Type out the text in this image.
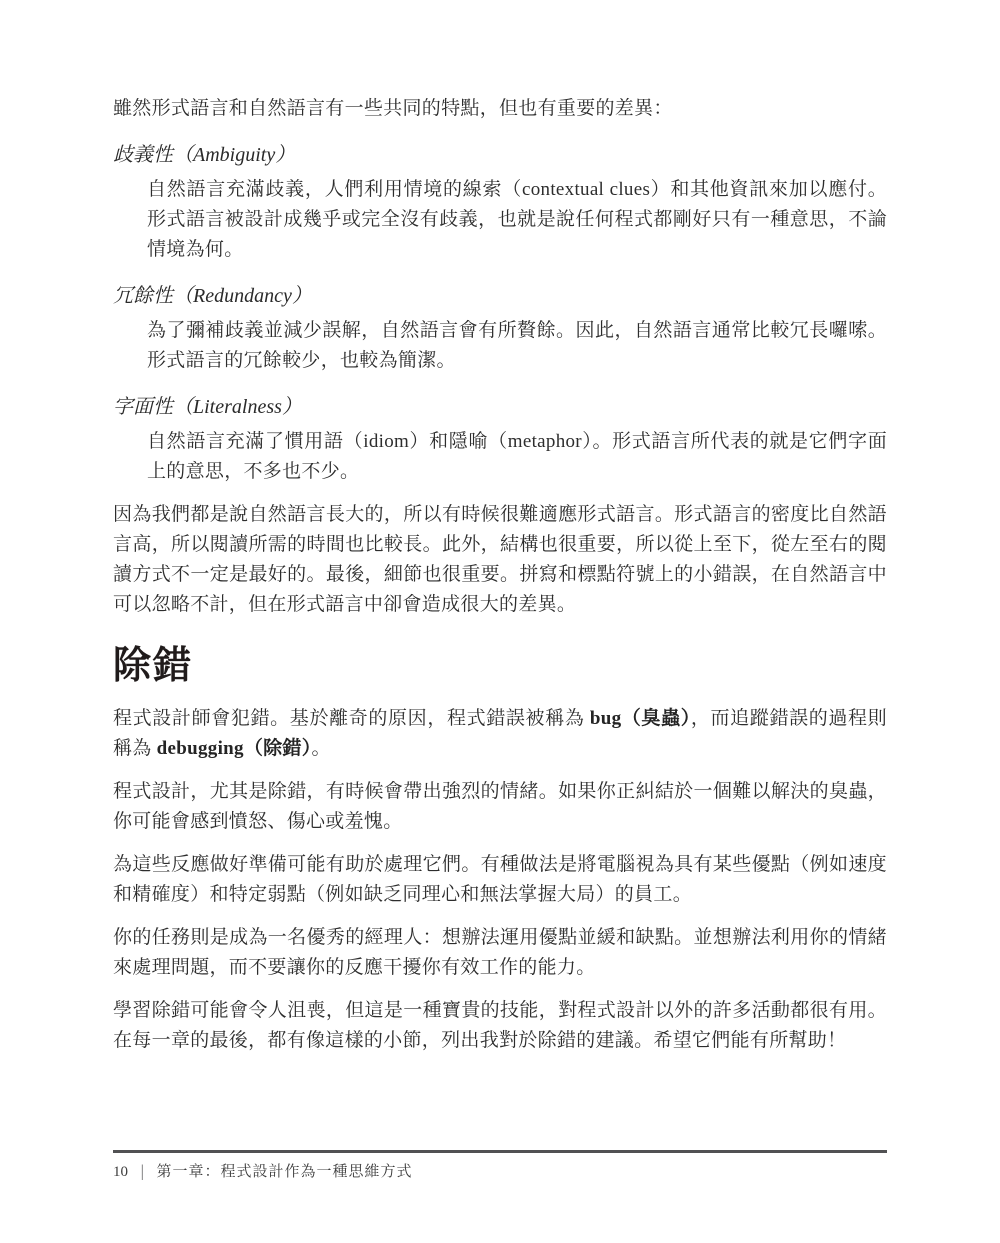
雖然形式語言和自然語言有一些共同的特點，但也有重要的差異：

歧義性（Ambiguity）

自然語言充滿歧義，人們利用情境的線索（contextual clues）和其他資訊來加以應付。形式語言被設計成幾乎或完全沒有歧義，也就是說任何程式都剛好只有一種意思，不論情境為何。

冗餘性（Redundancy）

為了彌補歧義並減少誤解，自然語言會有所贅餘。因此，自然語言通常比較冗長囉嗦。形式語言的冗餘較少，也較為簡潔。

字面性（Literalness）

自然語言充滿了慣用語（idiom）和隱喻（metaphor）。形式語言所代表的就是它們字面上的意思，不多也不少。

因為我們都是說自然語言長大的，所以有時候很難適應形式語言。形式語言的密度比自然語言高，所以閱讀所需的時間也比較長。此外，結構也很重要，所以從上至下，從左至右的閱讀方式不一定是最好的。最後，細節也很重要。拼寫和標點符號上的小錯誤，在自然語言中可以忽略不計，但在形式語言中卻會造成很大的差異。

除錯

程式設計師會犯錯。基於離奇的原因，程式錯誤被稱為 bug（臭蟲），而追蹤錯誤的過程則稱為 debugging（除錯）。

程式設計，尤其是除錯，有時候會帶出強烈的情緒。如果你正糾結於一個難以解決的臭蟲，你可能會感到憤怒、傷心或羞愧。

為這些反應做好準備可能有助於處理它們。有種做法是將電腦視為具有某些優點（例如速度和精確度）和特定弱點（例如缺乏同理心和無法掌握大局）的員工。

你的任務則是成為一名優秀的經理人：想辦法運用優點並緩和缺點。並想辦法利用你的情緒來處理問題，而不要讓你的反應干擾你有效工作的能力。

學習除錯可能會令人沮喪，但這是一種寶貴的技能，對程式設計以外的許多活動都很有用。在每一章的最後，都有像這樣的小節，列出我對於除錯的建議。希望它們能有所幫助！

10 | 第一章：程式設計作為一種思維方式
